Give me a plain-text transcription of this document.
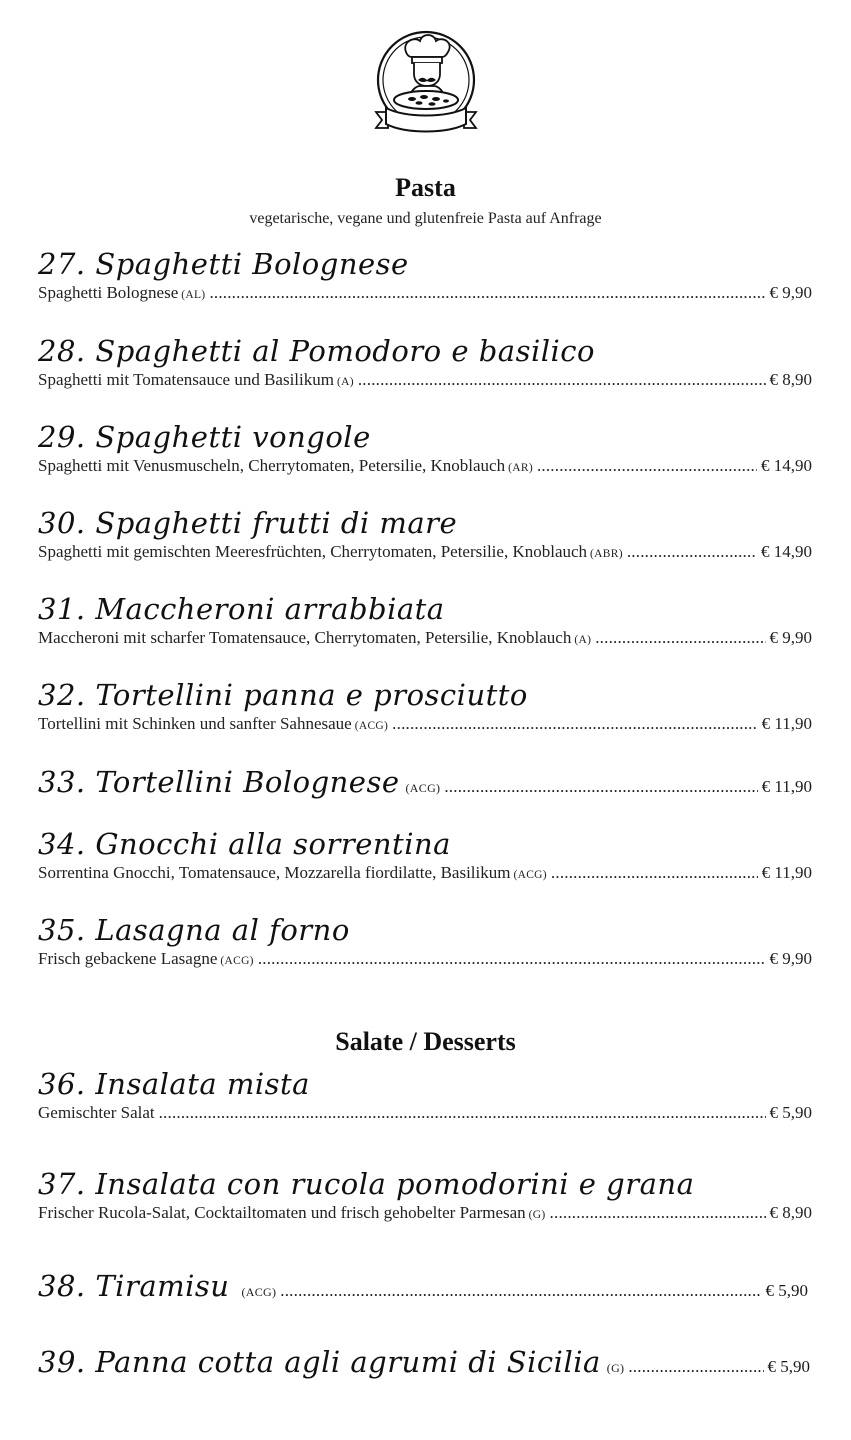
Pasta
vegetarische, vegane und glutenfreie Pasta auf Anfrage
27. Spaghetti Bolognese
Spaghetti Bolognese (AL) .....	€ 9,90
28. Spaghetti al Pomodoro e basilico
Spaghetti mit Tomatensauce und Basilikum (A) .....	€ 8,90
29. Spaghetti vongole
Spaghetti mit Venusmuscheln, Cherrytomaten, Petersilie, Knoblauch (AR) .....	€ 14,90
30. Spaghetti frutti di mare
Spaghetti mit gemischten Meeresfrüchten, Cherrytomaten, Petersilie, Knoblauch (ABR) .....	€ 14,90
31. Maccheroni arrabbiata
Maccheroni mit scharfer Tomatensauce, Cherrytomaten, Petersilie, Knoblauch (A) .....	€ 9,90
32. Tortellini panna e prosciutto
Tortellini mit Schinken und sanfter Sahnesaue (ACG) .....	€ 11,90
33. Tortellini Bolognese (ACG) .....	€ 11,90
34. Gnocchi alla sorrentina
Sorrentina Gnocchi, Tomatensauce, Mozzarella fiordilatte, Basilikum (ACG) .....	€ 11,90
35. Lasagna al forno
Frisch gebackene Lasagne (ACG) .....	€ 9,90
Salate / Desserts
36. Insalata mista
Gemischter Salat .....	€ 5,90
37. Insalata con rucola pomodorini e grana
Frischer Rucola-Salat, Cocktailtomaten und frisch gehobelter Parmesan (G) .....	€ 8,90
38. Tiramisu (ACG) .....	€ 5,90
39. Panna cotta agli agrumi di Sicilia (G) .....	€ 5,90
